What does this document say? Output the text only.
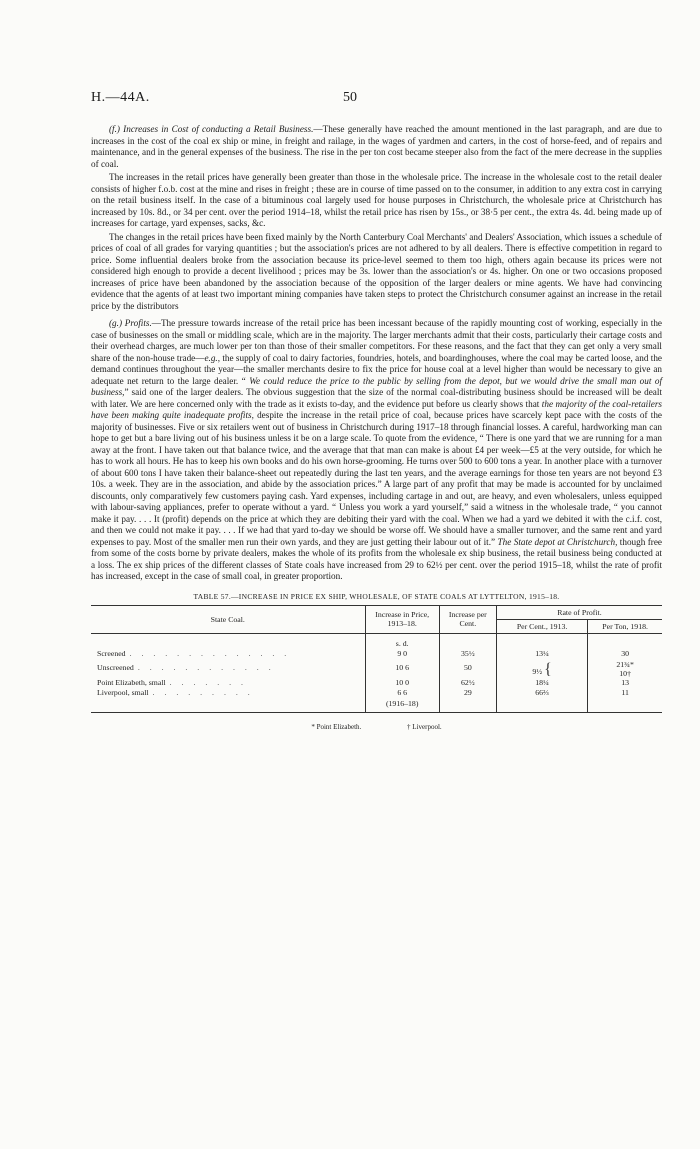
H.—44A.	50

(f.) Increases in Cost of conducting a Retail Business.—These generally have reached the amount mentioned in the last paragraph, and are due to increases in the cost of the coal ex ship or mine, in freight and railage, in the wages of yardmen and carters, in the cost of horse-feed, and of repairs and maintenance, and in the general expenses of the business. The rise in the per ton cost became steeper also from the fact of the mere decrease in the supplies of coal.

The increases in the retail prices have generally been greater than those in the wholesale price. The increase in the wholesale cost to the retail dealer consists of higher f.o.b. cost at the mine and rises in freight ; these are in course of time passed on to the consumer, in addition to any extra cost in carrying on the retail business itself. In the case of a bituminous coal largely used for house purposes in Christchurch, the wholesale price at Christchurch has increased by 10s. 8d., or 34 per cent. over the period 1914–18, whilst the retail price has risen by 15s., or 38·5 per cent., the extra 4s. 4d. being made up of increases for cartage, yard expenses, sacks, &c.

The changes in the retail prices have been fixed mainly by the North Canterbury Coal Merchants' and Dealers' Association, which issues a schedule of prices of coal of all grades for varying quantities ; but the association's prices are not adhered to by all dealers. There is effective competition in regard to price. Some influential dealers broke from the association because its price-level seemed to them too high, others again because its prices were not considered high enough to provide a decent livelihood ; prices may be 3s. lower than the association's or 4s. higher. On one or two occasions proposed increases of price have been abandoned by the association because of the opposition of the larger dealers or mine agents. We have had convincing evidence that the agents of at least two important mining companies have taken steps to protect the Christchurch consumer against an increase in the retail price by the distributors

(g.) Profits.—The pressure towards increase of the retail price has been incessant because of the rapidly mounting cost of working, especially in the case of businesses on the small or middling scale, which are in the majority. The larger merchants admit that their costs, particularly their cartage costs and their overhead charges, are much lower per ton than those of their smaller competitors. For these reasons, and the fact that they can get only a very small share of the non-house trade—e.g., the supply of coal to dairy factories, foundries, hotels, and boardinghouses, where the coal may be carted loose, and the demand continues throughout the year—the smaller merchants desire to fix the price for house coal at a level higher than would be necessary to give an adequate net return to the large dealer. “ We could reduce the price to the public by selling from the depot, but we would drive the small man out of business,” said one of the larger dealers. The obvious suggestion that the size of the normal coal-distributing business should be increased will be dealt with later. We are here concerned only with the trade as it exists to-day, and the evidence put before us clearly shows that the majority of the coal-retailers have been making quite inadequate profits, despite the increase in the retail price of coal, because prices have scarcely kept pace with the costs of the majority of businesses. Five or six retailers went out of business in Christchurch during 1917–18 through financial losses. A careful, hardworking man can hope to get but a bare living out of his business unless it be on a large scale. To quote from the evidence, “ There is one yard that we are running for a man away at the front. I have taken out that balance twice, and the average that that man can make is about £4 per week—£5 at the very outside, for which he has to work all hours. He has to keep his own books and do his own horse-grooming. He turns over 500 to 600 tons a year. In another place with a turnover of about 600 tons I have taken their balance-sheet out repeatedly during the last ten years, and the average earnings for those ten years are not beyond £3 10s. a week. They are in the association, and abide by the association prices.” A large part of any profit that may be made is accounted for by unclaimed discounts, only comparatively few customers paying cash. Yard expenses, including cartage in and out, are heavy, and even wholesalers, unless equipped with labour-saving appliances, prefer to operate without a yard. “ Unless you work a yard yourself,” said a witness in the wholesale trade, “ you cannot make it pay. . . . It (profit) depends on the price at which they are debiting their yard with the coal. When we had a yard we debited it with the c.i.f. cost, and then we could not make it pay. . . . If we had that yard to-day we should be worse off. We should have a smaller turnover, and the same rent and yard expenses to pay. Most of the smaller men run their own yards, and they are just getting their labour out of it.” The State depot at Christchurch, though free from some of the costs borne by private dealers, makes the whole of its profits from the wholesale ex ship business, the retail business being conducted at a loss. The ex ship prices of the different classes of State coals have increased from 29 to 62½ per cent. over the period 1915–18, whilst the rate of profit has increased, except in the case of small coal, in greater proportion.

TABLE 57.—INCREASE IN PRICE EX SHIP, WHOLESALE, OF STATE COALS AT LYTTELTON, 1915–18.
State Coal.	Increase in Price, 1913–18.	Increase per Cent.	Rate of Profit.	
			Per Cent., 1913.	Per Ton, 1918.
	s. d.			
Screened . . . . . . . . . . . . . .	9 0	35½	13¼	30
Unscreened . . . . . . . . . . . .	10 6	50	9½ {	21¾*
10†
Point Elizabeth, small . . . . . . .	10 0	62½	18¼	13
Liverpool, small . . . . . . . . .	6 6	29	66⅔	11
	(1916–18)			
* Point Elizabeth.	† Liverpool.
